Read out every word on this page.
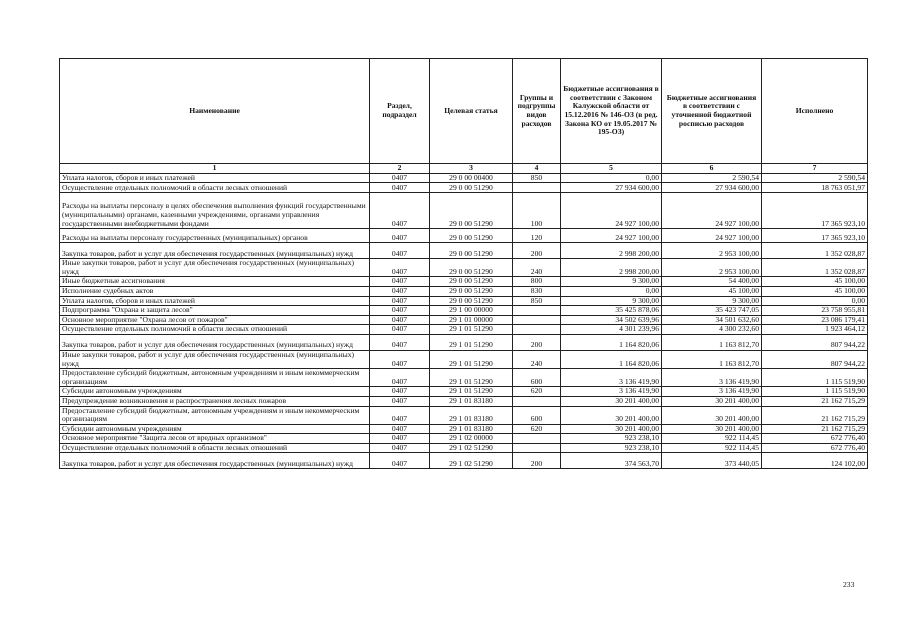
Наименование	Раздел, подраздел	Целевая статья	Группы и подгруппы видов расходов	Бюджетные ассигнования в соответствии с Законом Калужской области от 15.12.2016 № 146-ОЗ (в ред. Закона КО от 19.05.2017 № 195-ОЗ)	Бюджетные ассигнования в соответствии с уточненной бюджетной росписью расходов	Исполнено
1	2	3	4	5	6	7
Уплата налогов, сборов и иных платежей	0407	29 0 00 00400	850	0,00	2 590,54	2 590,54
Осуществление отдельных полномочий в области лесных отношений	0407	29 0 00 51290		27 934 600,00	27 934 600,00	18 763 051,97
Расходы на выплаты персоналу в целях обеспечения выполнения функций государственными (муниципальными) органами, казенными учреждениями, органами управления государственными внебюджетными фондами	0407	29 0 00 51290	100	24 927 100,00	24 927 100,00	17 365 923,10
Расходы на выплаты персоналу государственных (муниципальных) органов	0407	29 0 00 51290	120	24 927 100,00	24 927 100,00	17 365 923,10
Закупка товаров, работ и услуг для обеспечения государственных (муниципальных) нужд	0407	29 0 00 51290	200	2 998 200,00	2 953 100,00	1 352 028,87
Иные закупки товаров, работ и услуг для обеспечения государственных (муниципальных) нужд	0407	29 0 00 51290	240	2 998 200,00	2 953 100,00	1 352 028,87
Иные бюджетные ассигнования	0407	29 0 00 51290	800	9 300,00	54 400,00	45 100,00
Исполнение судебных актов	0407	29 0 00 51290	830	0,00	45 100,00	45 100,00
Уплата налогов, сборов и иных платежей	0407	29 0 00 51290	850	9 300,00	9 300,00	0,00
Подпрограмма "Охрана и защита лесов"	0407	29 1 00 00000		35 425 878,06	35 423 747,05	23 758 955,81
Основное мероприятие "Охрана лесов от пожаров"	0407	29 1 01 00000		34 502 639,96	34 501 632,60	23 086 179,41
Осуществление отдельных полномочий в области лесных отношений	0407	29 1 01 51290		4 301 239,96	4 300 232,60	1 923 464,12
Закупка товаров, работ и услуг для обеспечения государственных (муниципальных) нужд	0407	29 1 01 51290	200	1 164 820,06	1 163 812,70	807 944,22
Иные закупки товаров, работ и услуг для обеспечения государственных (муниципальных) нужд	0407	29 1 01 51290	240	1 164 820,06	1 163 812,70	807 944,22
Предоставление субсидий бюджетным, автономным учреждениям и иным некоммерческим организациям	0407	29 1 01 51290	600	3 136 419,90	3 136 419,90	1 115 519,90
Субсидии автономным учреждениям	0407	29 1 01 51290	620	3 136 419,90	3 136 419,90	1 115 519,90
Предупреждение возникновения и распространения лесных пожаров	0407	29 1 01 83180		30 201 400,00	30 201 400,00	21 162 715,29
Предоставление субсидий бюджетным, автономным учреждениям и иным некоммерческим организациям	0407	29 1 01 83180	600	30 201 400,00	30 201 400,00	21 162 715,29
Субсидии автономным учреждениям	0407	29 1 01 83180	620	30 201 400,00	30 201 400,00	21 162 715,29
Основное мероприятие "Защита лесов от вредных организмов"	0407	29 1 02 00000		923 238,10	922 114,45	672 776,40
Осуществление отдельных полномочий в области лесных отношений	0407	29 1 02 51290		923 238,10	922 114,45	672 776,40
Закупка товаров, работ и услуг для обеспечения государственных (муниципальных) нужд	0407	29 1 02 51290	200	374 563,70	373 440,05	124 102,00
233
